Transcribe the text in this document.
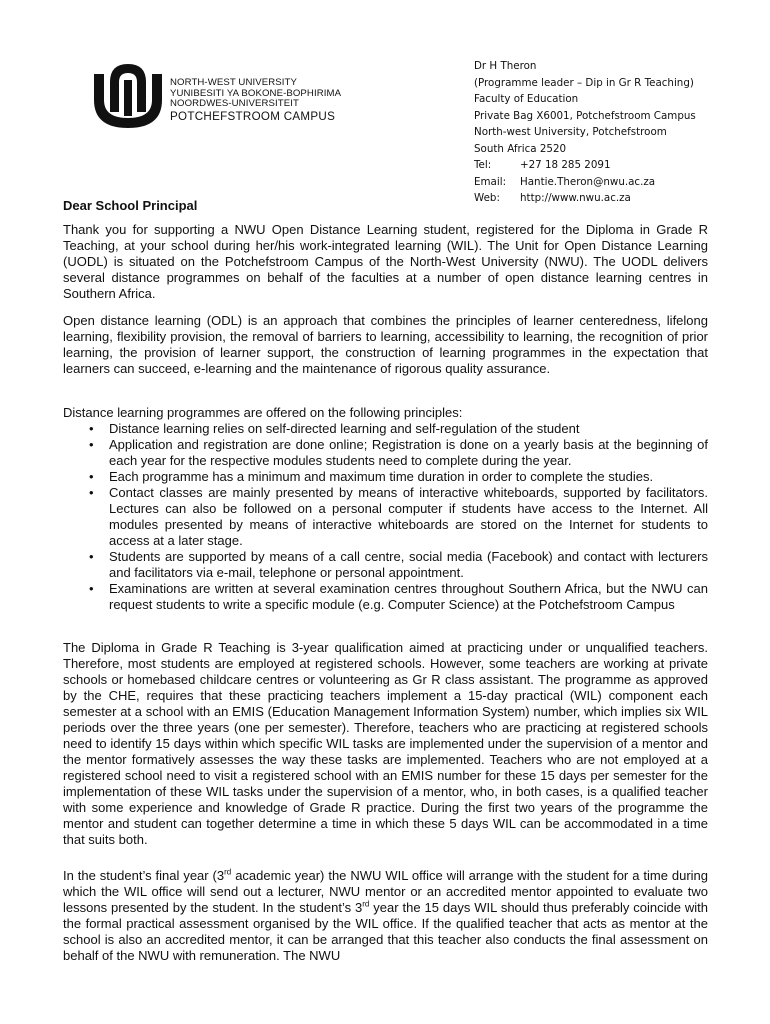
NORTH-WEST UNIVERSITY
YUNIBESITI YA BOKONE-BOPHIRIMA
NOORDWES-UNIVERSITEIT
POTCHEFSTROOM CAMPUS
Dr H Theron
(Programme leader – Dip in Gr R Teaching)
Faculty of Education
Private Bag X6001, Potchefstroom Campus
North-west University, Potchefstroom
South Africa 2520
Tel:	+27 18 285 2091
Email:	Hantie.Theron@nwu.ac.za
Web:	http://www.nwu.ac.za
Dear School Principal

Thank you for supporting a NWU Open Distance Learning student, registered for the Diploma in Grade R Teaching, at your school during her/his work-integrated learning (WIL). The Unit for Open Distance Learning (UODL) is situated on the Potchefstroom Campus of the North-West University (NWU). The UODL delivers several distance programmes on behalf of the faculties at a number of open distance learning centres in Southern Africa.

Open distance learning (ODL) is an approach that combines the principles of learner centeredness, lifelong learning, flexibility provision, the removal of barriers to learning, accessibility to learning, the recognition of prior learning, the provision of learner support, the construction of learning programmes in the expectation that learners can succeed, e-learning and the maintenance of rigorous quality assurance.

Distance learning programmes are offered on the following principles:
• Distance learning relies on self-directed learning and self-regulation of the student
• Application and registration are done online; Registration is done on a yearly basis at the beginning of each year for the respective modules students need to complete during the year.
• Each programme has a minimum and maximum time duration in order to complete the studies.
• Contact classes are mainly presented by means of interactive whiteboards, supported by facilitators. Lectures can also be followed on a personal computer if students have access to the Internet. All modules presented by means of interactive whiteboards are stored on the Internet for students to access at a later stage.
• Students are supported by means of a call centre, social media (Facebook) and contact with lecturers and facilitators via e-mail, telephone or personal appointment.
• Examinations are written at several examination centres throughout Southern Africa, but the NWU can request students to write a specific module (e.g. Computer Science) at the Potchefstroom Campus

The Diploma in Grade R Teaching is 3-year qualification aimed at practicing under or unqualified teachers. Therefore, most students are employed at registered schools. However, some teachers are working at private schools or homebased childcare centres or volunteering as Gr R class assistant. The programme as approved by the CHE, requires that these practicing teachers implement a 15-day practical (WIL) component each semester at a school with an EMIS (Education Management Information System) number, which implies six WIL periods over the three years (one per semester). Therefore, teachers who are practicing at registered schools need to identify 15 days within which specific WIL tasks are implemented under the supervision of a mentor and the mentor formatively assesses the way these tasks are implemented. Teachers who are not employed at a registered school need to visit a registered school with an EMIS number for these 15 days per semester for the implementation of these WIL tasks under the supervision of a mentor, who, in both cases, is a qualified teacher with some experience and knowledge of Grade R practice. During the first two years of the programme the mentor and student can together determine a time in which these 5 days WIL can be accommodated in a time that suits both.

In the student’s final year (3rd academic year) the NWU WIL office will arrange with the student for a time during which the WIL office will send out a lecturer, NWU mentor or an accredited mentor appointed to evaluate two lessons presented by the student. In the student’s 3rd year the 15 days WIL should thus preferably coincide with the formal practical assessment organised by the WIL office. If the qualified teacher that acts as mentor at the school is also an accredited mentor, it can be arranged that this teacher also conducts the final assessment on behalf of the NWU with remuneration. The NWU
